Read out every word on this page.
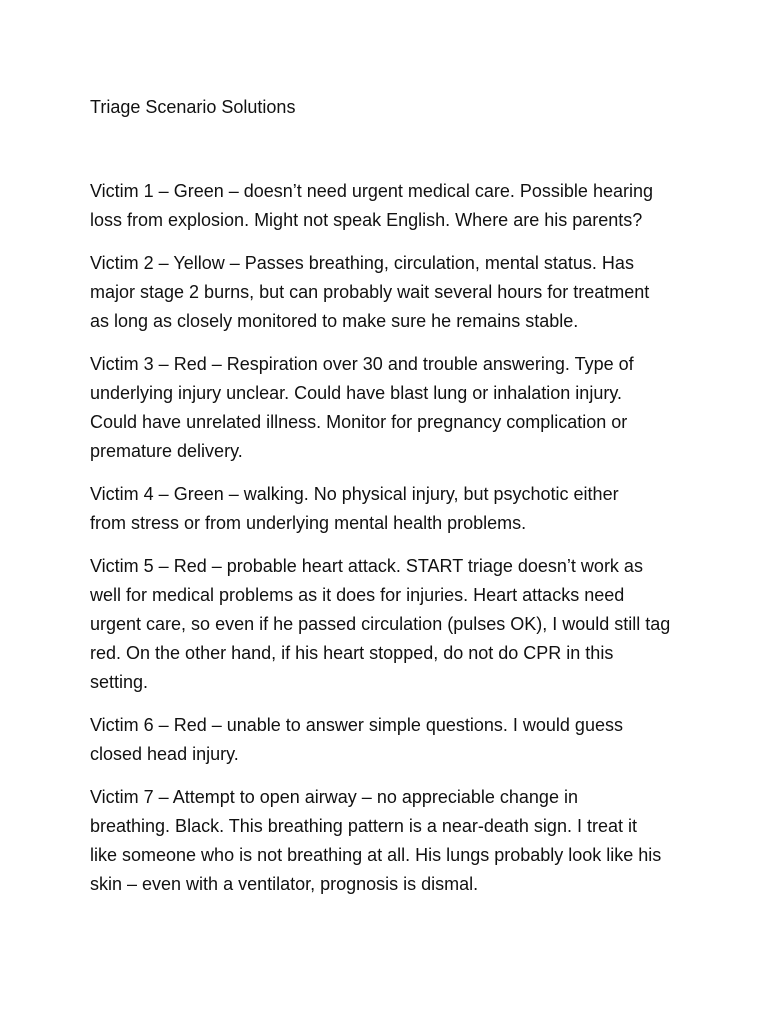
Triage Scenario Solutions

Victim 1 – Green – doesn’t need urgent medical care. Possible hearing
loss from explosion. Might not speak English. Where are his parents?

Victim 2 – Yellow – Passes breathing, circulation, mental status. Has
major stage 2 burns, but can probably wait several hours for treatment
as long as closely monitored to make sure he remains stable.

Victim 3 – Red – Respiration over 30 and trouble answering. Type of
underlying injury unclear. Could have blast lung or inhalation injury.
Could have unrelated illness. Monitor for pregnancy complication or
premature delivery.

Victim 4 – Green – walking. No physical injury, but psychotic either
from stress or from underlying mental health problems.

Victim 5 – Red – probable heart attack. START triage doesn’t work as
well for medical problems as it does for injuries. Heart attacks need
urgent care, so even if he passed circulation (pulses OK), I would still tag
red. On the other hand, if his heart stopped, do not do CPR in this
setting.

Victim 6 – Red – unable to answer simple questions. I would guess
closed head injury.

Victim 7 – Attempt to open airway – no appreciable change in
breathing. Black. This breathing pattern is a near-death sign. I treat it
like someone who is not breathing at all. His lungs probably look like his
skin – even with a ventilator, prognosis is dismal.
